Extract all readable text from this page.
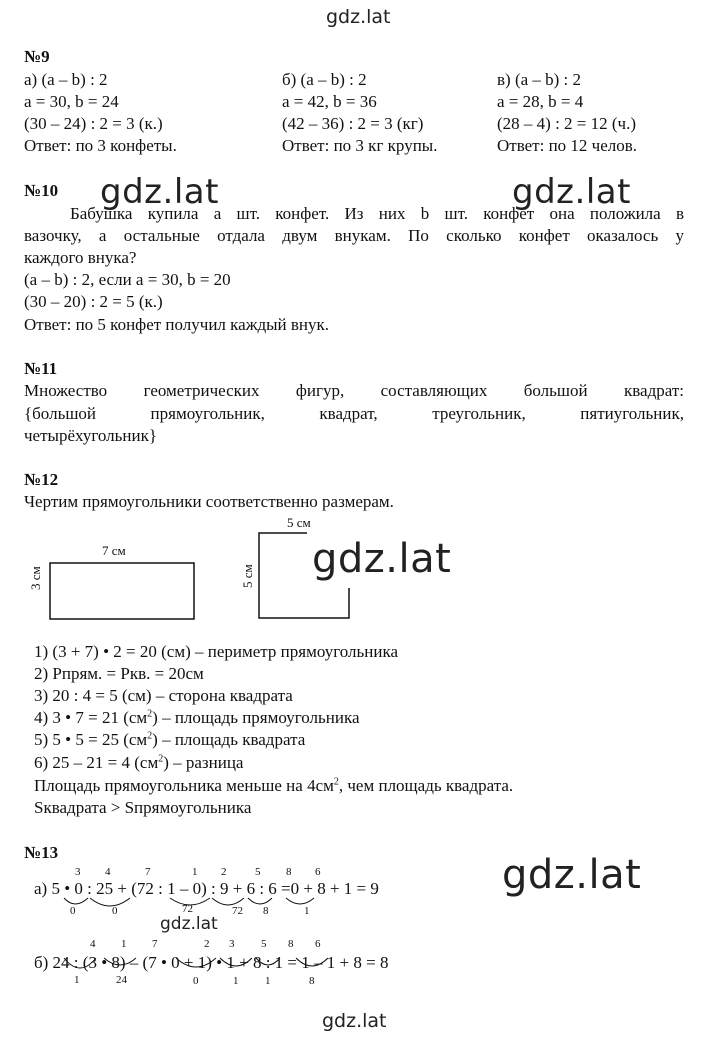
gdz.lat
gdz.lat	gdz.lat
gdz.lat
gdz.lat
gdz.lat
gdz.lat
№9
а) (a – b) : 2
a = 30, b = 24
(30 – 24) : 2 = 3 (к.)
Ответ: по 3 конфеты.
б) (a – b) : 2
a = 42, b = 36
(42 – 36) : 2 = 3 (кг)
Ответ: по 3 кг крупы.
в) (a – b) : 2
a = 28, b = 4
(28 – 4) : 2 = 12 (ч.)
Ответ: по 12 челов.
№10
Бабушка купила a шт. конфет. Из них b шт. конфет она положила в
вазочку, а остальные отдала двум внукам. По сколько конфет оказалось у
каждого внука?
(a – b) : 2, если a = 30, b = 20
(30 – 20) : 2 = 5 (к.)
Ответ: по 5 конфет получил каждый внук.
№11
Множество геометрических фигур, составляющих большой квадрат:
{большой прямоугольник, квадрат, треугольник, пятиугольник,
четырёхугольник}
№12
Чертим прямоугольники соответственно размерам.
7 см
3 см
5 см
5 см
1) (3 + 7) • 2 = 20 (см) – периметр прямоугольника
2) Рпрям. = Ркв. = 20см
3) 20 : 4 = 5 (см) – сторона квадрата
4) 3 • 7 = 21 $(см^2)$ – площадь прямоугольника
5) 5 • 5 = 25 $(см^2)$ – площадь квадрата
6) 25 – 21 = 4 $(см^2)$ – разница
Площадь прямоугольника меньше на $4см^2$, чем площадь квадрата.
Sквадрата > Sпрямоугольника
№13
3 4	7	1 2	5 8 6
а) 5 • 0 : 25 + (72 : 1 – 0) : 9 + 6 : 6 =0 + 8 + 1 = 9
0	0	72	72 8	1
4 1 7	2 3 5 8 6
б) 24 : (3 • 8) – (7 • 0 + 1) • 1 + 8 : 1 = 1 – 1 + 8 = 8
1	24	0	1 1	8
